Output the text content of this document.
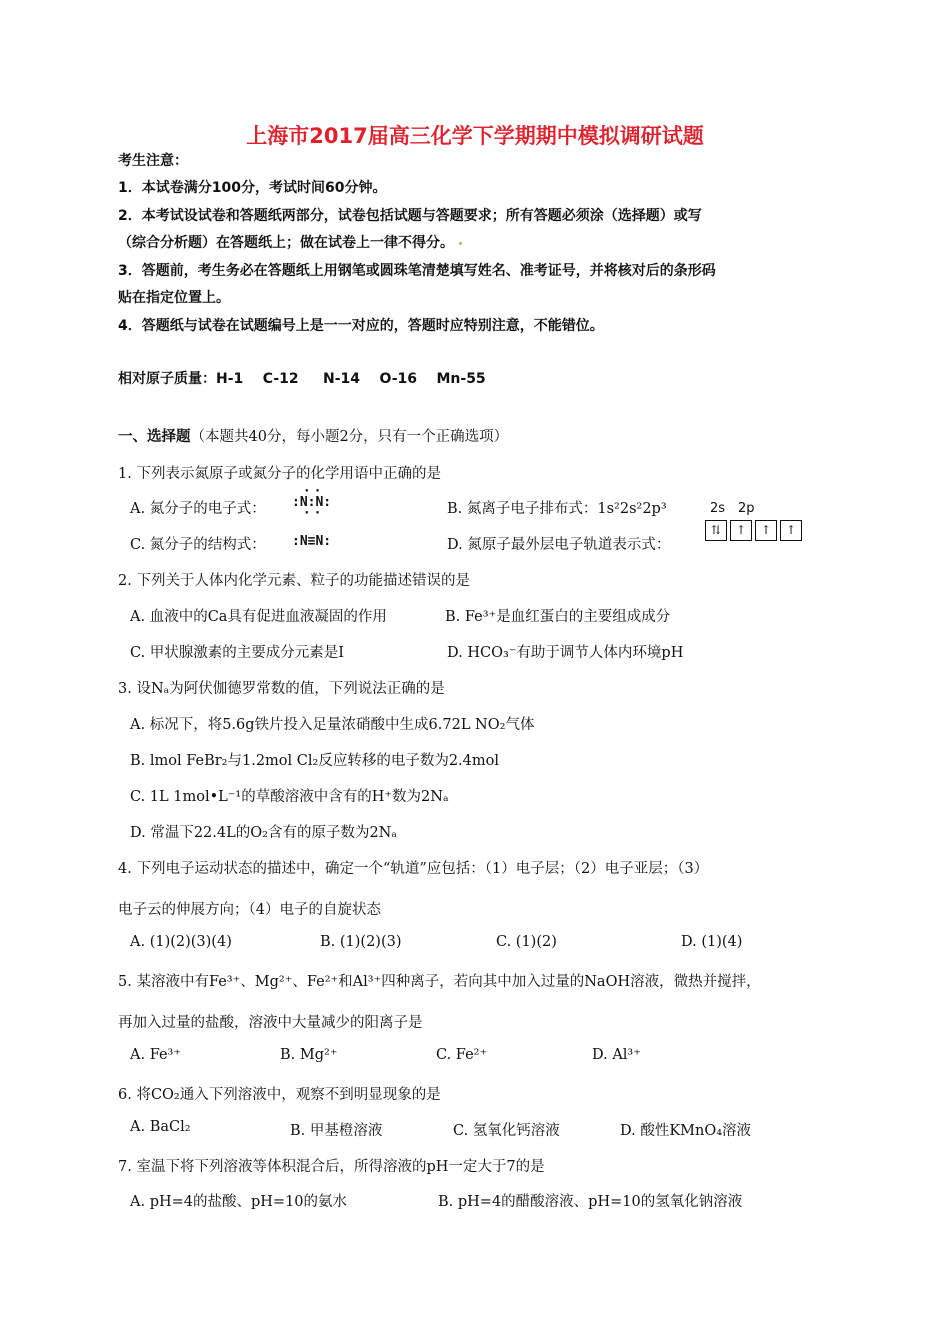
上海市2017届高三化学下学期期中模拟调研试题
考生注意：
1．本试卷满分100分，考试时间60分钟。
2．本考试设试卷和答题纸两部分，试卷包括试题与答题要求；所有答题必须涂（选择题）或写
（综合分析题）在答题纸上；做在试卷上一律不得分。
3．答题前，考生务必在答题纸上用钢笔或圆珠笔清楚填写姓名、准考证号，并将核对后的条形码
贴在指定位置上。
4．答题纸与试卷在试题编号上是一一对应的，答题时应特别注意，不能错位。
相对原子质量：H-1    C-12     N-14    O-16    Mn-55
一、选择题（本题共40分，每小题2分，只有一个正确选项）
1. 下列表示氮原子或氮分子的化学用语中正确的是
A. 氮分子的电子式：
··
:N:N:
··	B. 氮离子电子排布式：1s²2s²2p³
C. 氮分子的结构式： :N≡N:	D. 氮原子最外层电子轨道表示式：
2s 2p
⇅	↑	↑	↑
2. 下列关于人体内化学元素、粒子的功能描述错误的是
A. 血液中的Ca具有促进血液凝固的作用	B. Fe³⁺是血红蛋白的主要组成成分
C. 甲状腺激素的主要成分元素是I	D. HCO₃⁻有助于调节人体内环境pH
3. 设Nₐ为阿伏伽德罗常数的值，下列说法正确的是
A. 标况下，将5.6g铁片投入足量浓硝酸中生成6.72L NO₂气体
B. lmol FeBr₂与1.2mol Cl₂反应转移的电子数为2.4mol
C. 1L 1mol•L⁻¹的草酸溶液中含有的H⁺数为2Nₐ
D. 常温下22.4L的O₂含有的原子数为2Nₐ
4. 下列电子运动状态的描述中，确定一个“轨道”应包括：（1）电子层；（2）电子亚层；（3）
电子云的伸展方向；（4）电子的自旋状态
A. (1)(2)(3)(4)	B. (1)(2)(3)	C. (1)(2)	D. (1)(4)
5. 某溶液中有Fe³⁺、Mg²⁺、Fe²⁺和Al³⁺四种离子，若向其中加入过量的NaOH溶液，微热并搅拌，
再加入过量的盐酸，溶液中大量减少的阳离子是
A. Fe³⁺	B. Mg²⁺	C. Fe²⁺	D. Al³⁺
6. 将CO₂通入下列溶液中，观察不到明显现象的是
A. BaCl₂	B. 甲基橙溶液	C. 氢氧化钙溶液	D. 酸性KMnO₄溶液
7. 室温下将下列溶液等体积混合后，所得溶液的pH一定大于7的是
A. pH=4的盐酸、pH=10的氨水	B. pH=4的醋酸溶液、pH=10的氢氧化钠溶液
